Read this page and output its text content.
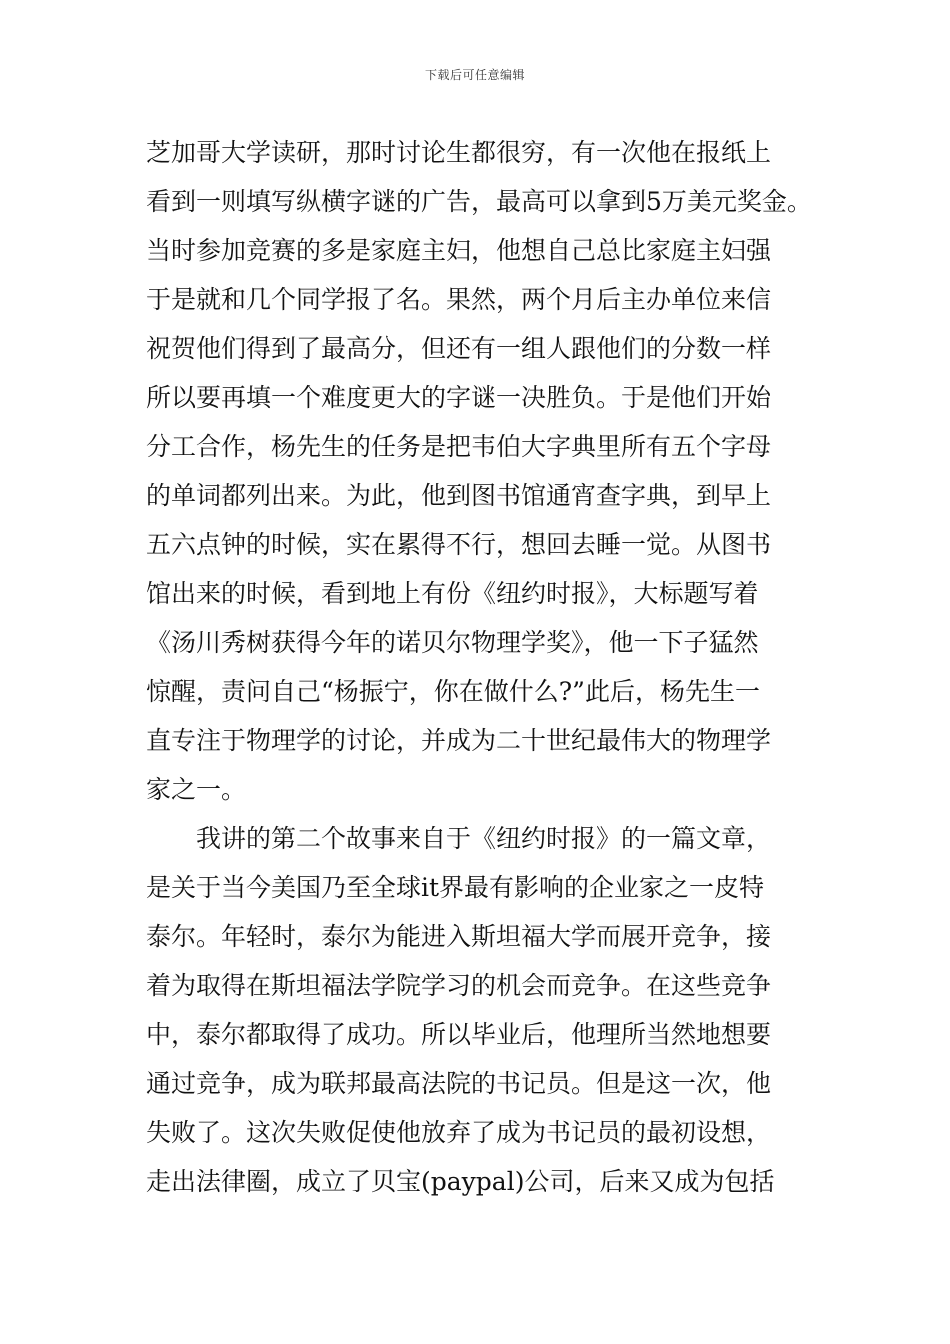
下载后可任意编辑
芝加哥大学读研，那时讨论生都很穷，有一次他在报纸上
看到一则填写纵横字谜的广告，最高可以拿到5万美元奖金。
当时参加竞赛的多是家庭主妇，他想自己总比家庭主妇强
于是就和几个同学报了名。果然，两个月后主办单位来信
祝贺他们得到了最高分，但还有一组人跟他们的分数一样
所以要再填一个难度更大的字谜一决胜负。于是他们开始
分工合作，杨先生的任务是把韦伯大字典里所有五个字母
的单词都列出来。为此，他到图书馆通宵查字典，到早上
五六点钟的时候，实在累得不行，想回去睡一觉。从图书
馆出来的时候，看到地上有份《纽约时报》，大标题写着
《汤川秀树获得今年的诺贝尔物理学奖》，他一下子猛然
惊醒，责问自己“杨振宁，你在做什么?”此后，杨先生一
直专注于物理学的讨论，并成为二十世纪最伟大的物理学
家之一。
我讲的第二个故事来自于《纽约时报》的一篇文章，
是关于当今美国乃至全球it界最有影响的企业家之一皮特
泰尔。年轻时，泰尔为能进入斯坦福大学而展开竞争，接
着为取得在斯坦福法学院学习的机会而竞争。在这些竞争
中，泰尔都取得了成功。所以毕业后，他理所当然地想要
通过竞争，成为联邦最高法院的书记员。但是这一次，他
失败了。这次失败促使他放弃了成为书记员的最初设想，
走出法律圈，成立了贝宝(paypal)公司，后来又成为包括
